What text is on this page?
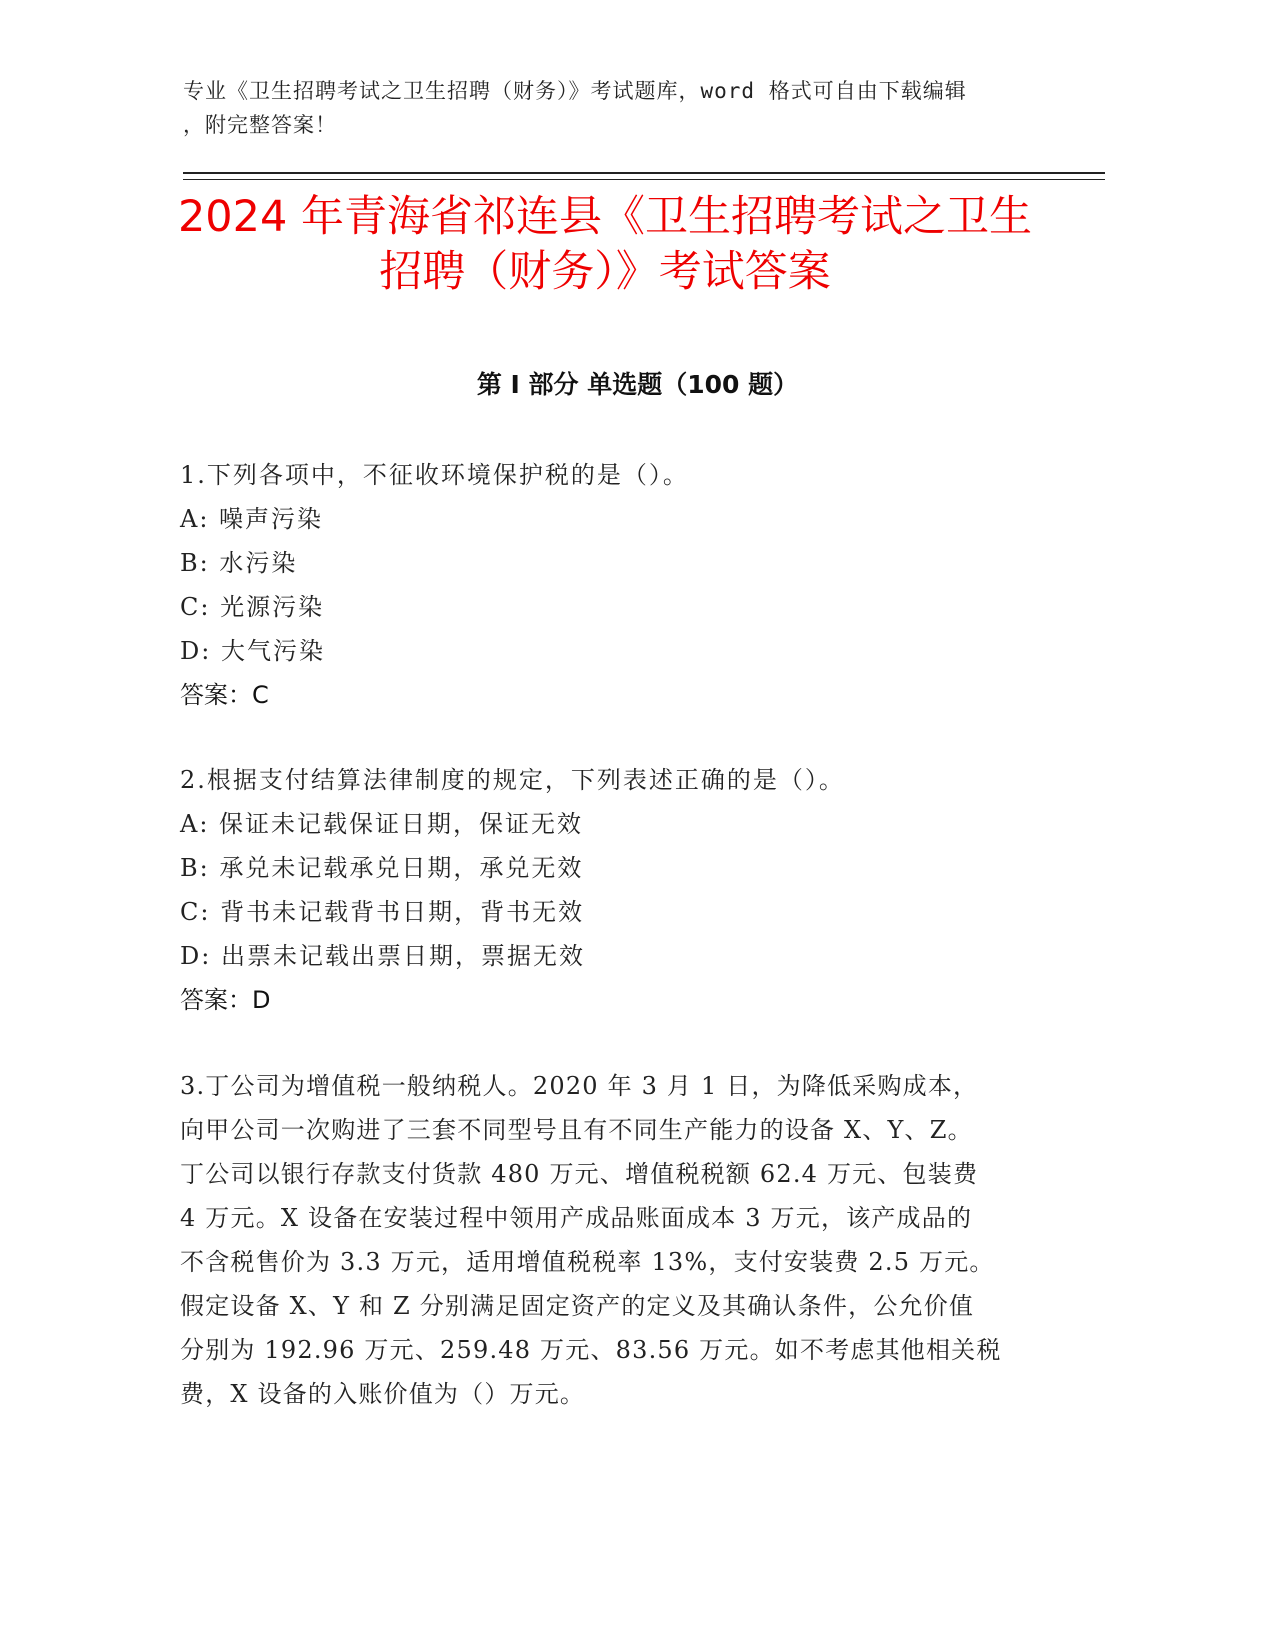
专业《卫生招聘考试之卫生招聘（财务）》考试题库，word 格式可自由下载编辑
，附完整答案！
2024 年青海省祁连县《卫生招聘考试之卫生
招聘（财务）》考试答案
第 I 部分 单选题（100 题）
1.下列各项中，不征收环境保护税的是（）。
A: 噪声污染
B: 水污染
C: 光源污染
D: 大气污染
答案：C
2.根据支付结算法律制度的规定，下列表述正确的是（）。
A: 保证未记载保证日期，保证无效
B: 承兑未记载承兑日期，承兑无效
C: 背书未记载背书日期，背书无效
D: 出票未记载出票日期，票据无效
答案：D
3.丁公司为增值税一般纳税人。2020 年 3 月 1 日，为降低采购成本，
向甲公司一次购进了三套不同型号且有不同生产能力的设备 X、Y、Z。
丁公司以银行存款支付货款 480 万元、增值税税额 62.4 万元、包装费
4 万元。X 设备在安装过程中领用产成品账面成本 3 万元，该产成品的
不含税售价为 3.3 万元，适用增值税税率 13%，支付安装费 2.5 万元。
假定设备 X、Y 和 Z 分别满足固定资产的定义及其确认条件，公允价值
分别为 192.96 万元、259.48 万元、83.56 万元。如不考虑其他相关税
费，X 设备的入账价值为（）万元。
